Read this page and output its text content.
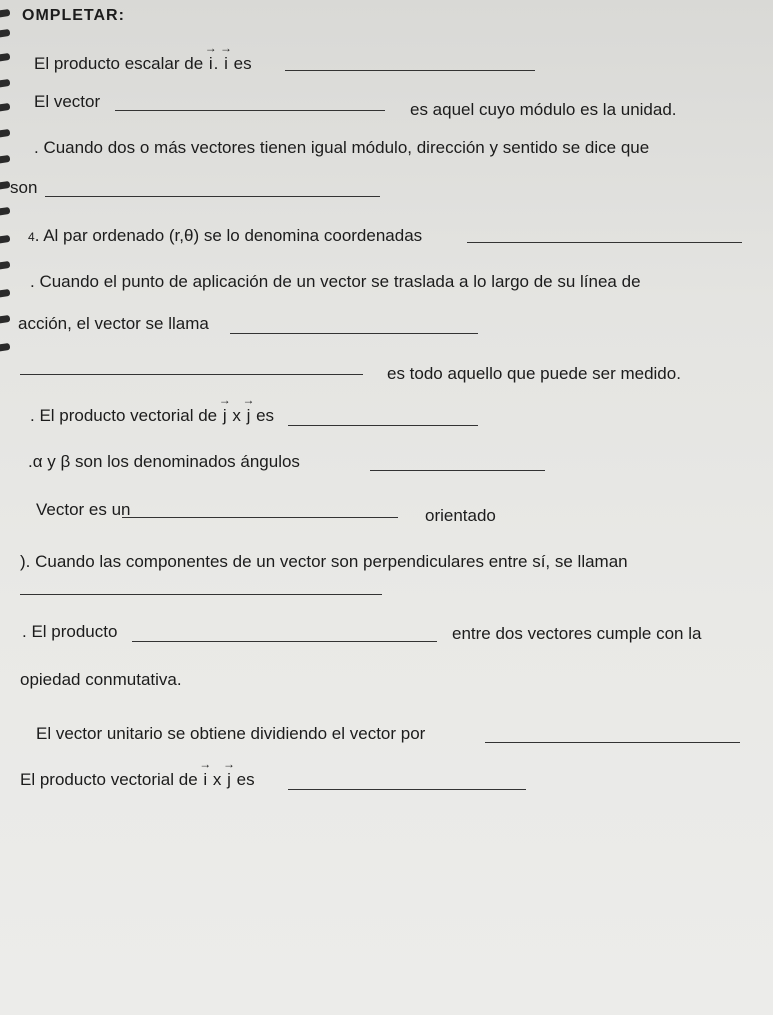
OMPLETAR:
El producto escalar de → i. → i es
El vector	es aquel cuyo módulo es la unidad.
. Cuando dos o más vectores tienen igual módulo, dirección y sentido se dice que
son
4. Al par ordenado (r,θ) se lo denomina coordenadas
. Cuando el punto de aplicación de un vector se traslada a lo largo de su línea de
acción, el vector se llama
es todo aquello que puede ser medido.
. El producto vectorial de → j x → j es
.α y β son los denominados ángulos
Vector es un	orientado
). Cuando las componentes de un vector son perpendiculares entre sí, se llaman
. El producto	entre dos vectores cumple con la
opiedad conmutativa.
El vector unitario se obtiene dividiendo el vector por
El producto vectorial de → i x → j es
